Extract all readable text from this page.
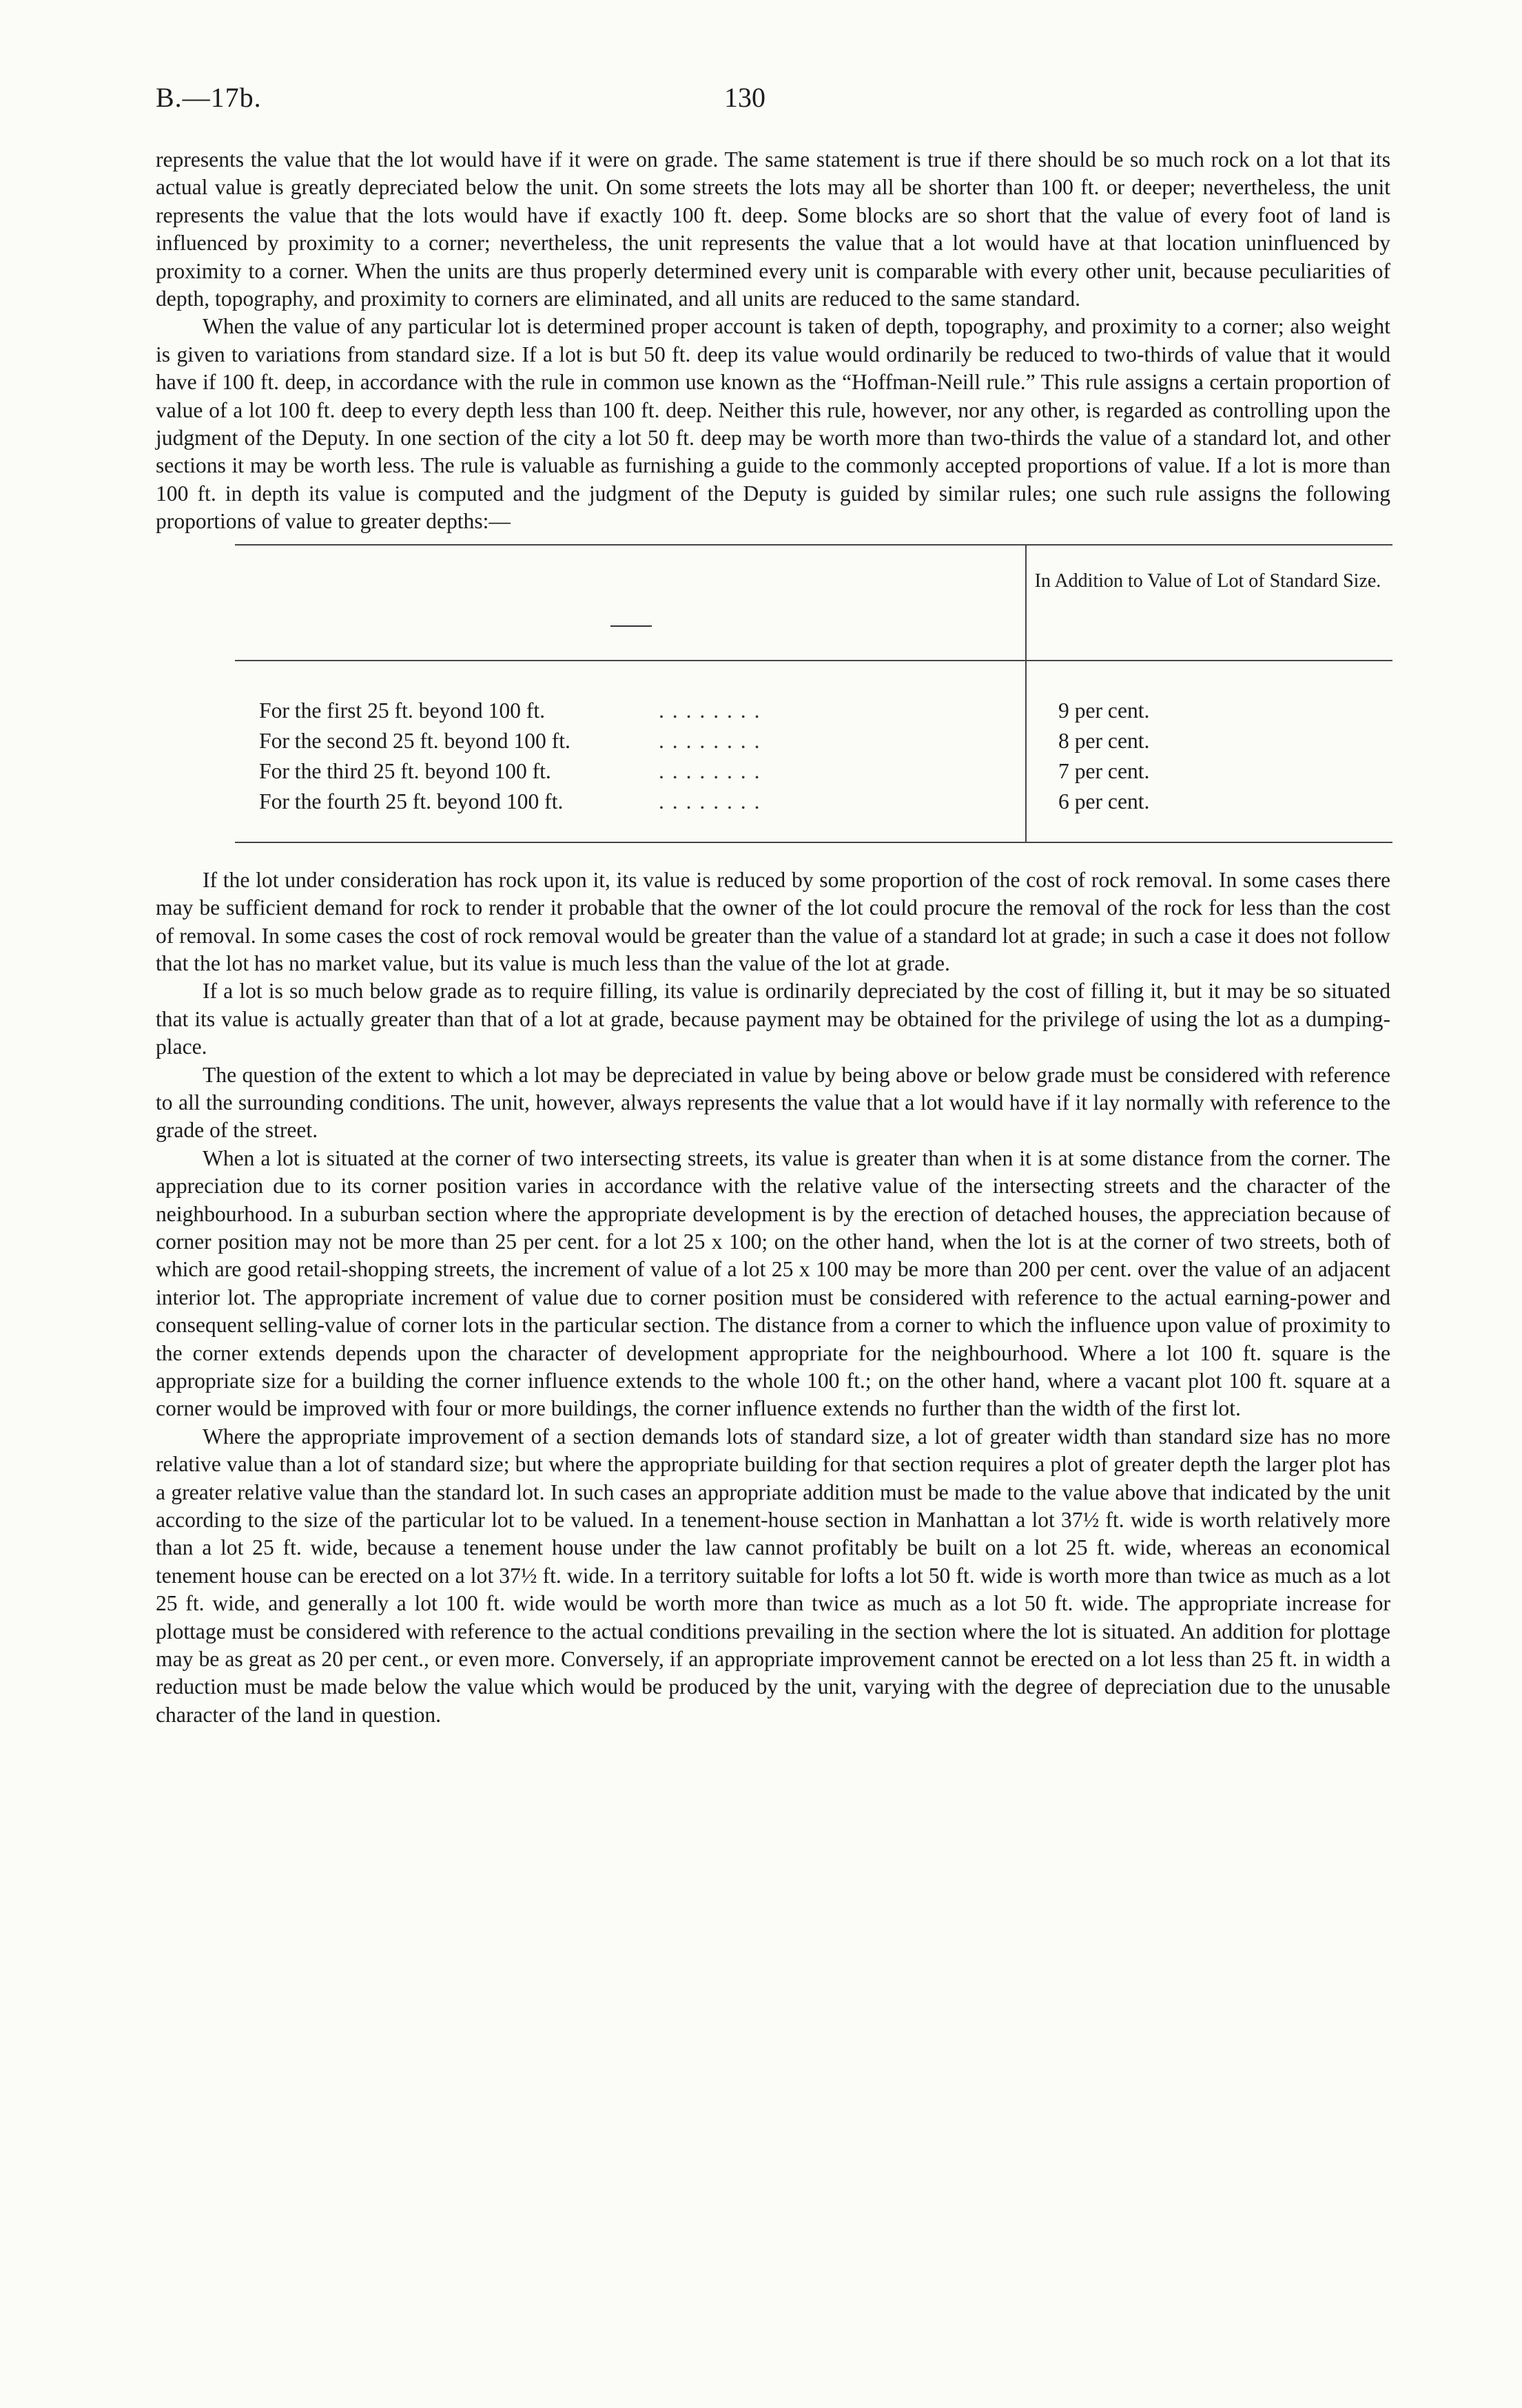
B.—17b.	130

represents the value that the lot would have if it were on grade. The same statement is true if there should be so much rock on a lot that its actual value is greatly depreciated below the unit. On some streets the lots may all be shorter than 100 ft. or deeper; nevertheless, the unit represents the value that the lots would have if exactly 100 ft. deep. Some blocks are so short that the value of every foot of land is influenced by proximity to a corner; nevertheless, the unit represents the value that a lot would have at that location uninfluenced by proximity to a corner. When the units are thus properly determined every unit is comparable with every other unit, because peculiarities of depth, topography, and proximity to corners are eliminated, and all units are reduced to the same standard.

When the value of any particular lot is determined proper account is taken of depth, topography, and proximity to a corner; also weight is given to variations from standard size. If a lot is but 50 ft. deep its value would ordinarily be reduced to two-thirds of value that it would have if 100 ft. deep, in accordance with the rule in common use known as the “Hoffman-Neill rule.” This rule assigns a certain proportion of value of a lot 100 ft. deep to every depth less than 100 ft. deep. Neither this rule, however, nor any other, is regarded as controlling upon the judgment of the Deputy. In one section of the city a lot 50 ft. deep may be worth more than two-thirds the value of a standard lot, and other sections it may be worth less. The rule is valuable as furnishing a guide to the commonly accepted proportions of value. If a lot is more than 100 ft. in depth its value is computed and the judgment of the Deputy is guided by similar rules; one such rule assigns the following proportions of value to greater depths:—

In Addition to Value of Lot of Standard Size.
For the first 25 ft. beyond 100 ft.	. . . . . . . .	9 per cent.
For the second 25 ft. beyond 100 ft.	. . . . . . . .	8 per cent.
For the third 25 ft. beyond 100 ft.	. . . . . . . .	7 per cent.
For the fourth 25 ft. beyond 100 ft.	. . . . . . . .	6 per cent.

If the lot under consideration has rock upon it, its value is reduced by some proportion of the cost of rock removal. In some cases there may be sufficient demand for rock to render it probable that the owner of the lot could procure the removal of the rock for less than the cost of removal. In some cases the cost of rock removal would be greater than the value of a standard lot at grade; in such a case it does not follow that the lot has no market value, but its value is much less than the value of the lot at grade.

If a lot is so much below grade as to require filling, its value is ordinarily depreciated by the cost of filling it, but it may be so situated that its value is actually greater than that of a lot at grade, because payment may be obtained for the privilege of using the lot as a dumping-place.

The question of the extent to which a lot may be depreciated in value by being above or below grade must be considered with reference to all the surrounding conditions. The unit, however, always represents the value that a lot would have if it lay normally with reference to the grade of the street.

When a lot is situated at the corner of two intersecting streets, its value is greater than when it is at some distance from the corner. The appreciation due to its corner position varies in accordance with the relative value of the intersecting streets and the character of the neighbourhood. In a suburban section where the appropriate development is by the erection of detached houses, the appreciation because of corner position may not be more than 25 per cent. for a lot 25 x 100; on the other hand, when the lot is at the corner of two streets, both of which are good retail-shopping streets, the increment of value of a lot 25 x 100 may be more than 200 per cent. over the value of an adjacent interior lot. The appropriate increment of value due to corner position must be considered with reference to the actual earning-power and consequent selling-value of corner lots in the particular section. The distance from a corner to which the influence upon value of proximity to the corner extends depends upon the character of development appropriate for the neighbourhood. Where a lot 100 ft. square is the appropriate size for a building the corner influence extends to the whole 100 ft.; on the other hand, where a vacant plot 100 ft. square at a corner would be improved with four or more buildings, the corner influence extends no further than the width of the first lot.

Where the appropriate improvement of a section demands lots of standard size, a lot of greater width than standard size has no more relative value than a lot of standard size; but where the appropriate building for that section requires a plot of greater depth the larger plot has a greater relative value than the standard lot. In such cases an appropriate addition must be made to the value above that indicated by the unit according to the size of the particular lot to be valued. In a tenement-house section in Manhattan a lot 37½ ft. wide is worth relatively more than a lot 25 ft. wide, because a tenement house under the law cannot profitably be built on a lot 25 ft. wide, whereas an economical tenement house can be erected on a lot 37½ ft. wide. In a territory suitable for lofts a lot 50 ft. wide is worth more than twice as much as a lot 25 ft. wide, and generally a lot 100 ft. wide would be worth more than twice as much as a lot 50 ft. wide. The appropriate increase for plottage must be considered with reference to the actual conditions prevailing in the section where the lot is situated. An addition for plottage may be as great as 20 per cent., or even more. Conversely, if an appropriate improvement cannot be erected on a lot less than 25 ft. in width a reduction must be made below the value which would be produced by the unit, varying with the degree of depreciation due to the unusable character of the land in question.
